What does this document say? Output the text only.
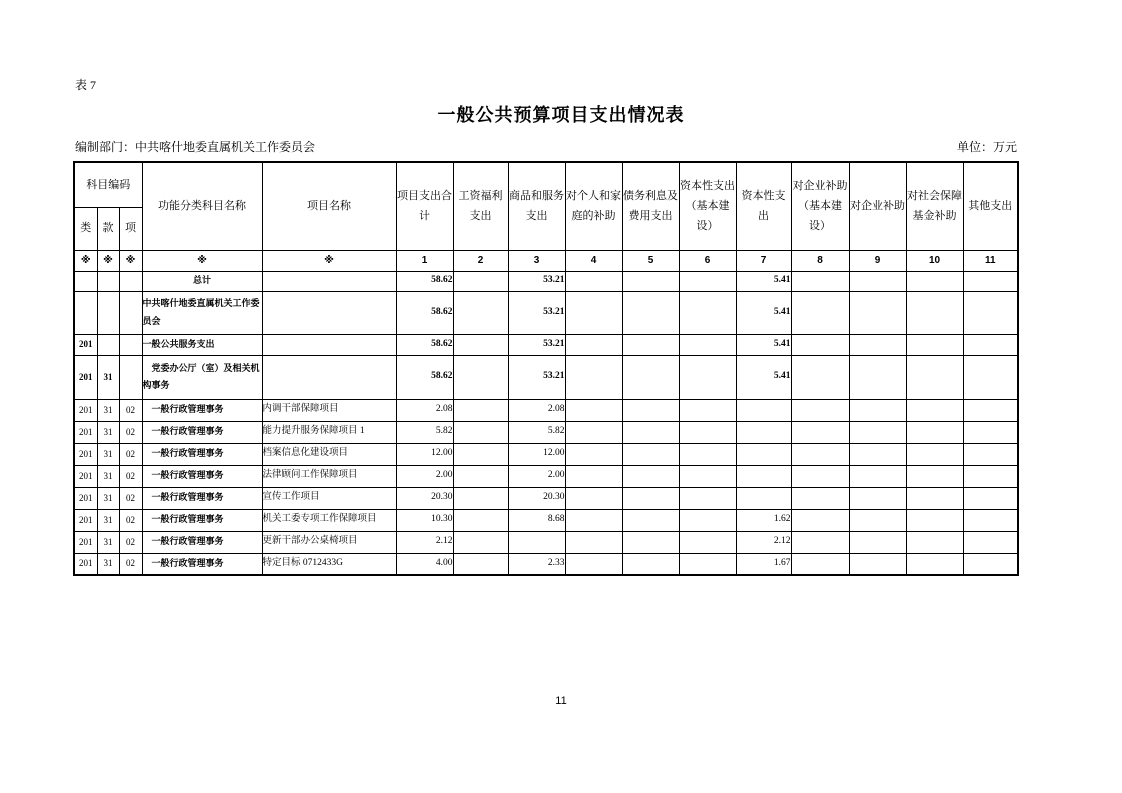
表 7
一般公共预算项目支出情况表
编制部门：中共喀什地委直属机关工作委员会	单位：万元
科目编码			功能分类科目名称	项目名称	项目支出合计	工资福利支出	商品和服务支出	对个人和家庭的补助	债务利息及费用支出	资本性支出（基本建设）	资本性支出	对企业补助（基本建设）	对企业补助	对社会保障基金补助	其他支出
类	款	项													
※	※	※	※	※	1	2	3	4	5	6	7	8	9	10	11
			总计		58.62		53.21				5.41				
			中共喀什地委直属机关工作委员会		58.62		53.21				5.41				
201			一般公共服务支出		58.62		53.21				5.41				
201	31		党委办公厅（室）及相关机构事务		58.62		53.21				5.41				
201	31	02	一般行政管理事务	内调干部保障项目	2.08		2.08								
201	31	02	一般行政管理事务	能力提升服务保障项目 1	5.82		5.82								
201	31	02	一般行政管理事务	档案信息化建设项目	12.00		12.00								
201	31	02	一般行政管理事务	法律顾问工作保障项目	2.00		2.00								
201	31	02	一般行政管理事务	宣传工作项目	20.30		20.30								
201	31	02	一般行政管理事务	机关工委专项工作保障项目	10.30		8.68				1.62				
201	31	02	一般行政管理事务	更新干部办公桌椅项目	2.12						2.12				
201	31	02	一般行政管理事务	特定目标 0712433G	4.00		2.33				1.67				
11
